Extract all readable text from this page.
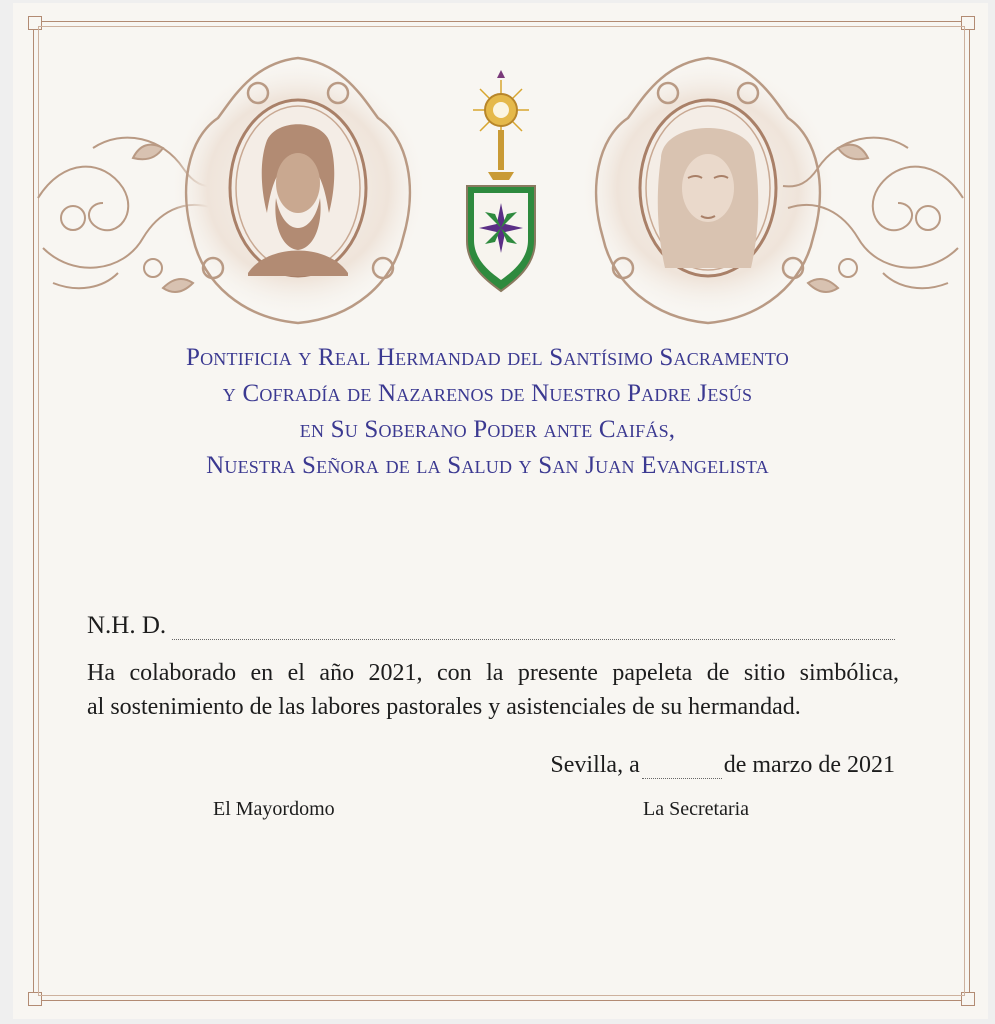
Pontificia y Real Hermandad del Santísimo Sacramento
y Cofradía de Nazarenos de Nuestro Padre Jesús
en Su Soberano Poder ante Caifás,
Nuestra Señora de la Salud y San Juan Evangelista
N.H. D.
Ha colaborado en el año 2021, con la presente papeleta de sitio simbólica,
al sostenimiento de las labores pastorales y asistenciales de su hermandad.
Sevilla, a	de marzo de 2021
El Mayordomo	La Secretaria
